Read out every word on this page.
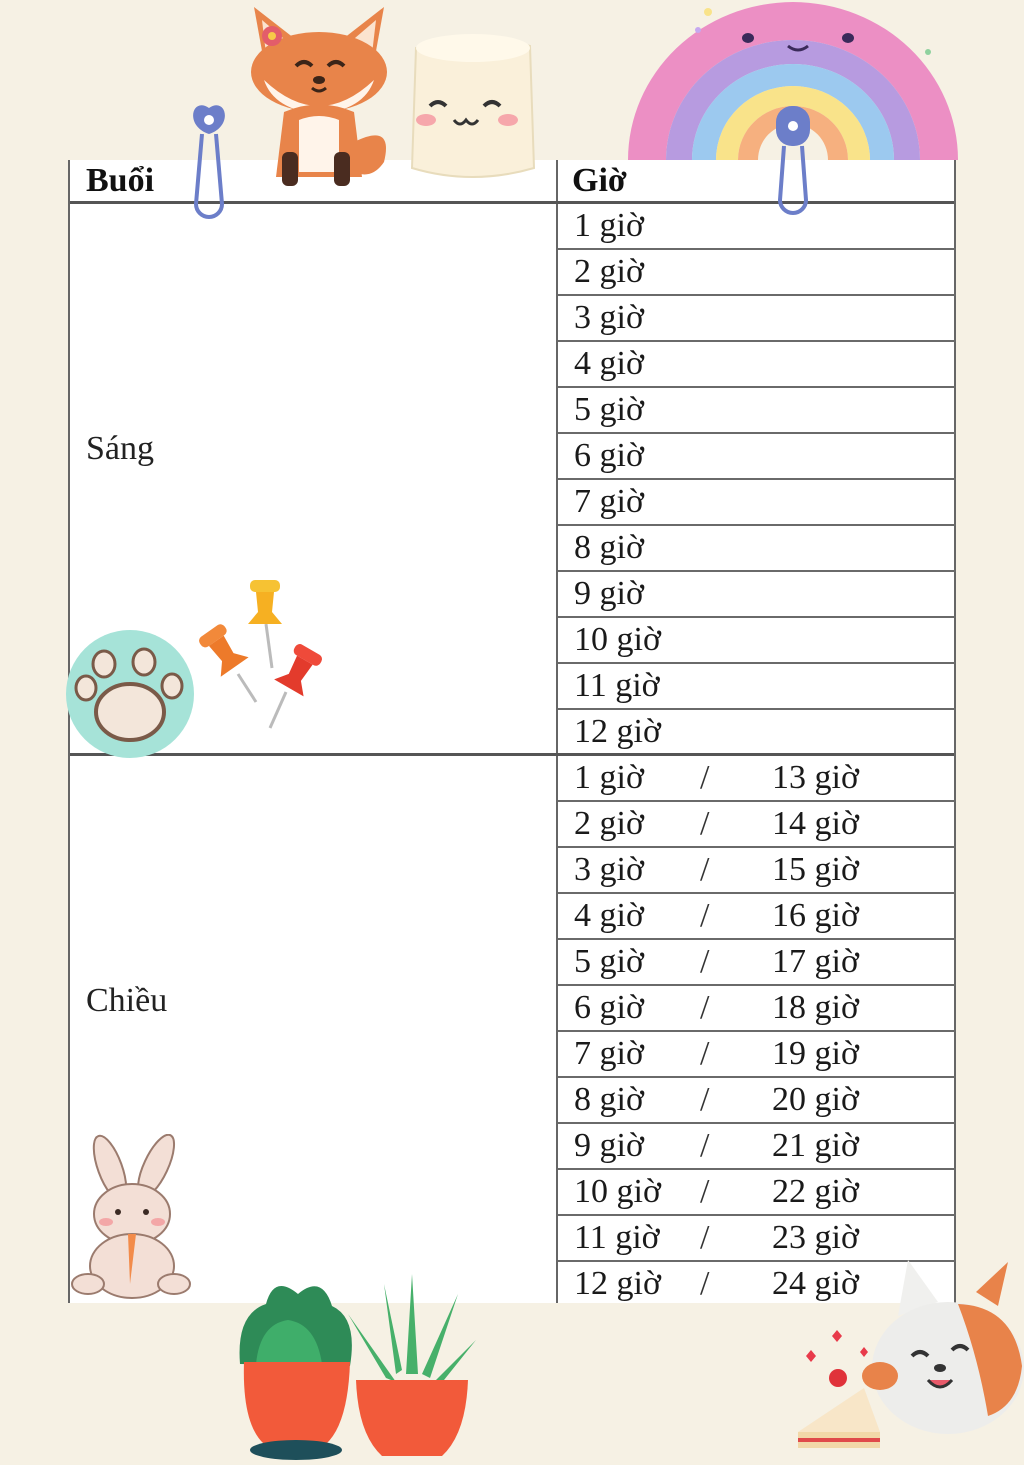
Buổi	Giờ
Sáng
1 giờ
2 giờ
3 giờ
4 giờ
5 giờ
6 giờ
7 giờ
8 giờ
9 giờ
10 giờ
11 giờ
12 giờ
Chiều
1 giờ / 13 giờ
2 giờ / 14 giờ
3 giờ / 15 giờ
4 giờ / 16 giờ
5 giờ / 17 giờ
6 giờ / 18 giờ
7 giờ / 19 giờ
8 giờ / 20 giờ
9 giờ / 21 giờ
10 giờ / 22 giờ
11 giờ / 23 giờ
12 giờ / 24 giờ
